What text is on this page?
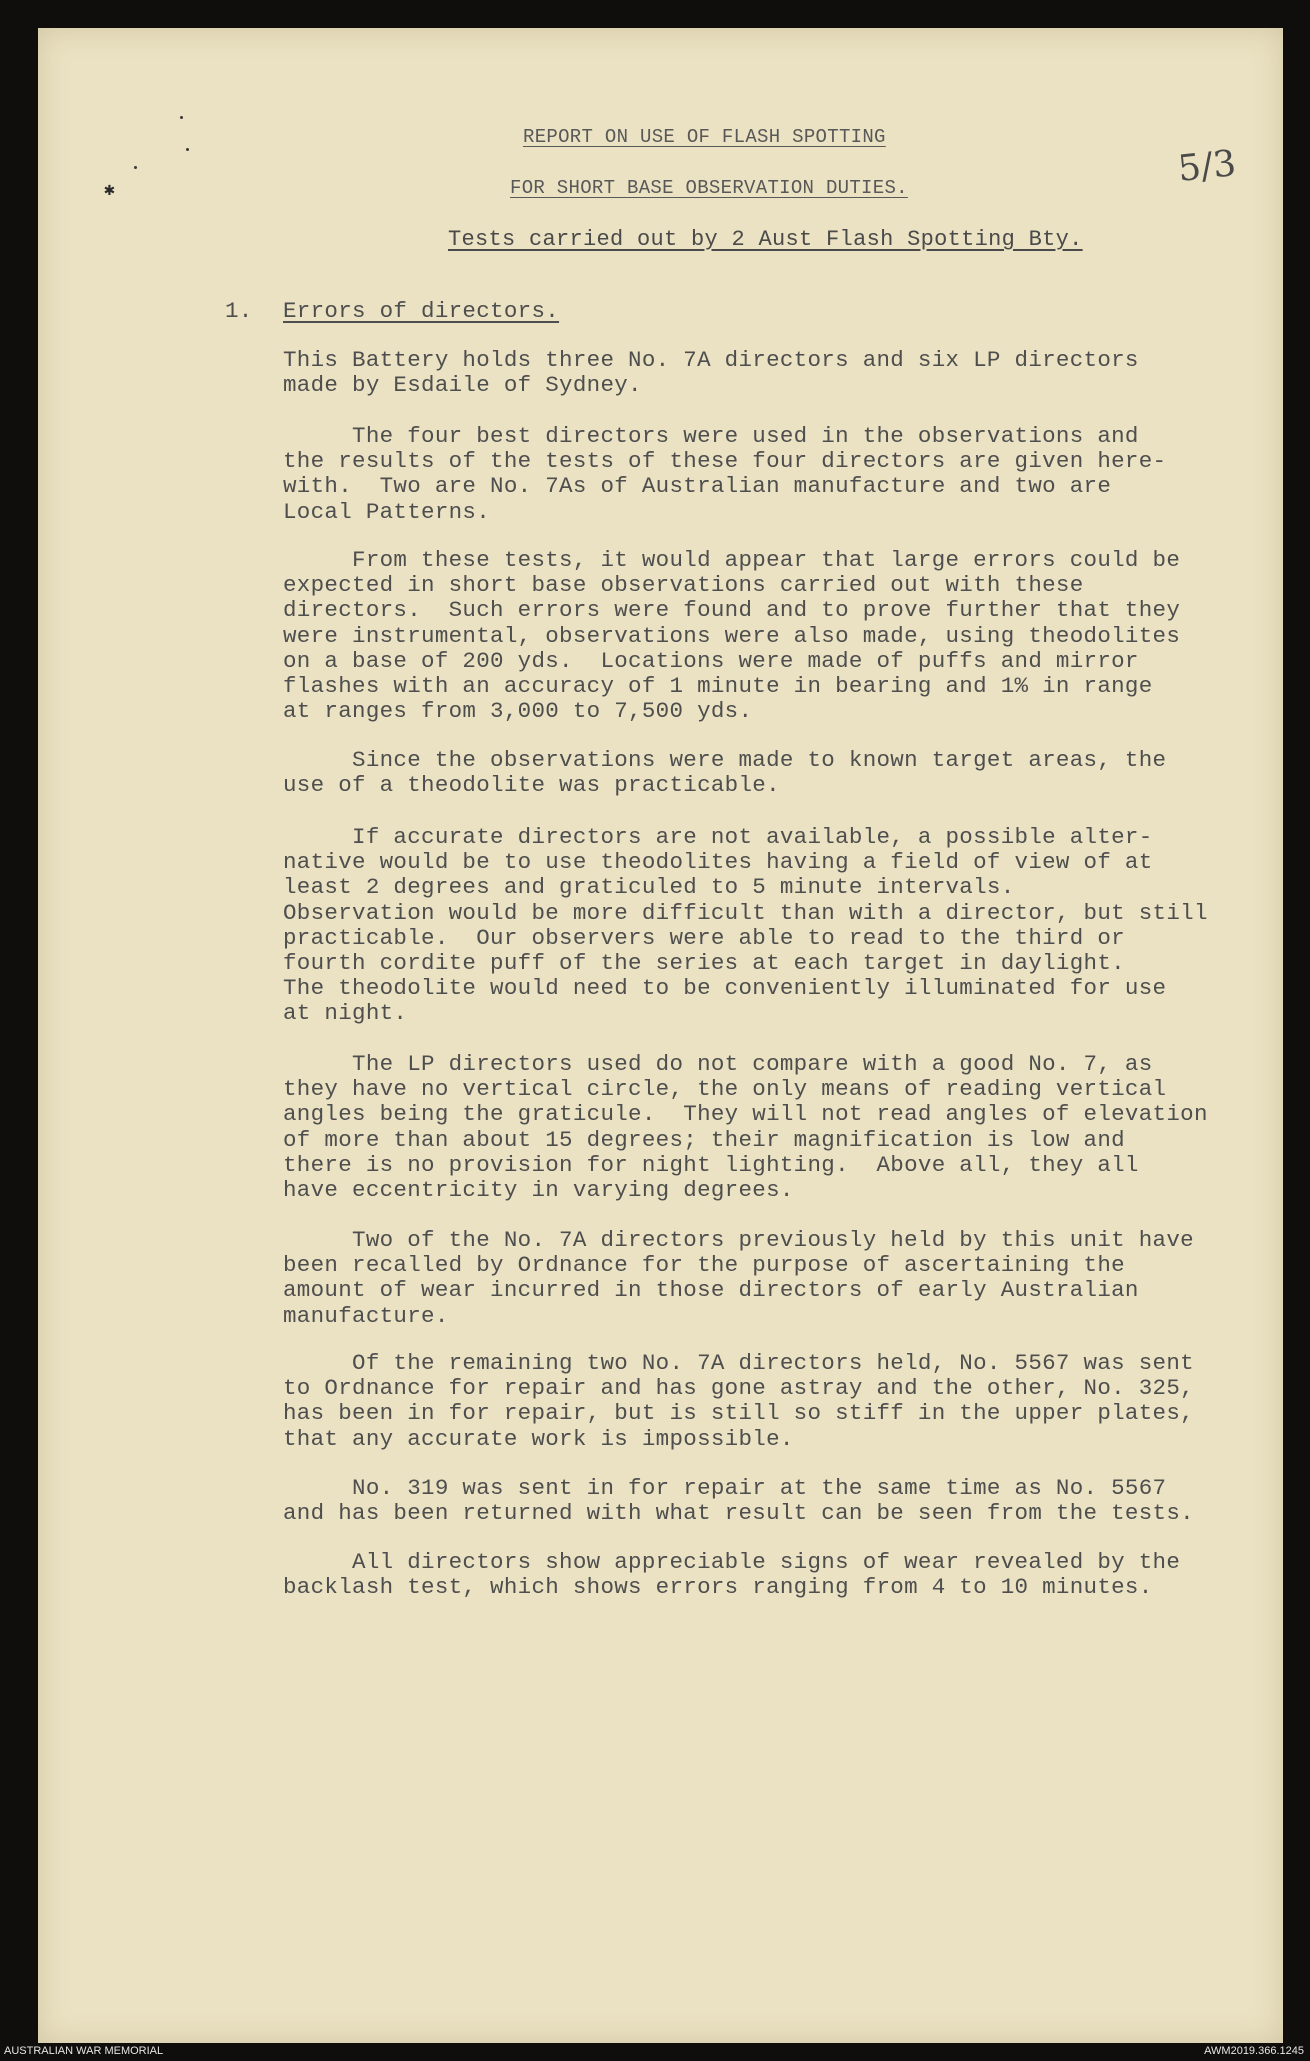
✱
5/3
REPORT ON USE OF FLASH SPOTTING
FOR SHORT BASE OBSERVATION DUTIES.
Tests carried out by 2 Aust Flash Spotting Bty.
1. Errors of directors.

This Battery holds three No. 7A directors and six LP directors
made by Esdaile of Sydney.

The four best directors were used in the observations and
the results of the tests of these four directors are given here-
with.  Two are No. 7As of Australian manufacture and two are
Local Patterns.

From these tests, it would appear that large errors could be
expected in short base observations carried out with these
directors.  Such errors were found and to prove further that they
were instrumental, observations were also made, using theodolites
on a base of 200 yds.  Locations were made of puffs and mirror
flashes with an accuracy of 1 minute in bearing and 1% in range
at ranges from 3,000 to 7,500 yds.

Since the observations were made to known target areas, the
use of a theodolite was practicable.

If accurate directors are not available, a possible alter-
native would be to use theodolites having a field of view of at
least 2 degrees and graticuled to 5 minute intervals.
Observation would be more difficult than with a director, but still
practicable.  Our observers were able to read to the third or
fourth cordite puff of the series at each target in daylight.
The theodolite would need to be conveniently illuminated for use
at night.

The LP directors used do not compare with a good No. 7, as
they have no vertical circle, the only means of reading vertical
angles being the graticule.  They will not read angles of elevation
of more than about 15 degrees; their magnification is low and
there is no provision for night lighting.  Above all, they all
have eccentricity in varying degrees.

Two of the No. 7A directors previously held by this unit have
been recalled by Ordnance for the purpose of ascertaining the
amount of wear incurred in those directors of early Australian
manufacture.

Of the remaining two No. 7A directors held, No. 5567 was sent
to Ordnance for repair and has gone astray and the other, No. 325,
has been in for repair, but is still so stiff in the upper plates,
that any accurate work is impossible.

No. 319 was sent in for repair at the same time as No. 5567
and has been returned with what result can be seen from the tests.

All directors show appreciable signs of wear revealed by the
backlash test, which shows errors ranging from 4 to 10 minutes.

AUSTRALIAN WAR MEMORIAL	AWM2019.366.1245
